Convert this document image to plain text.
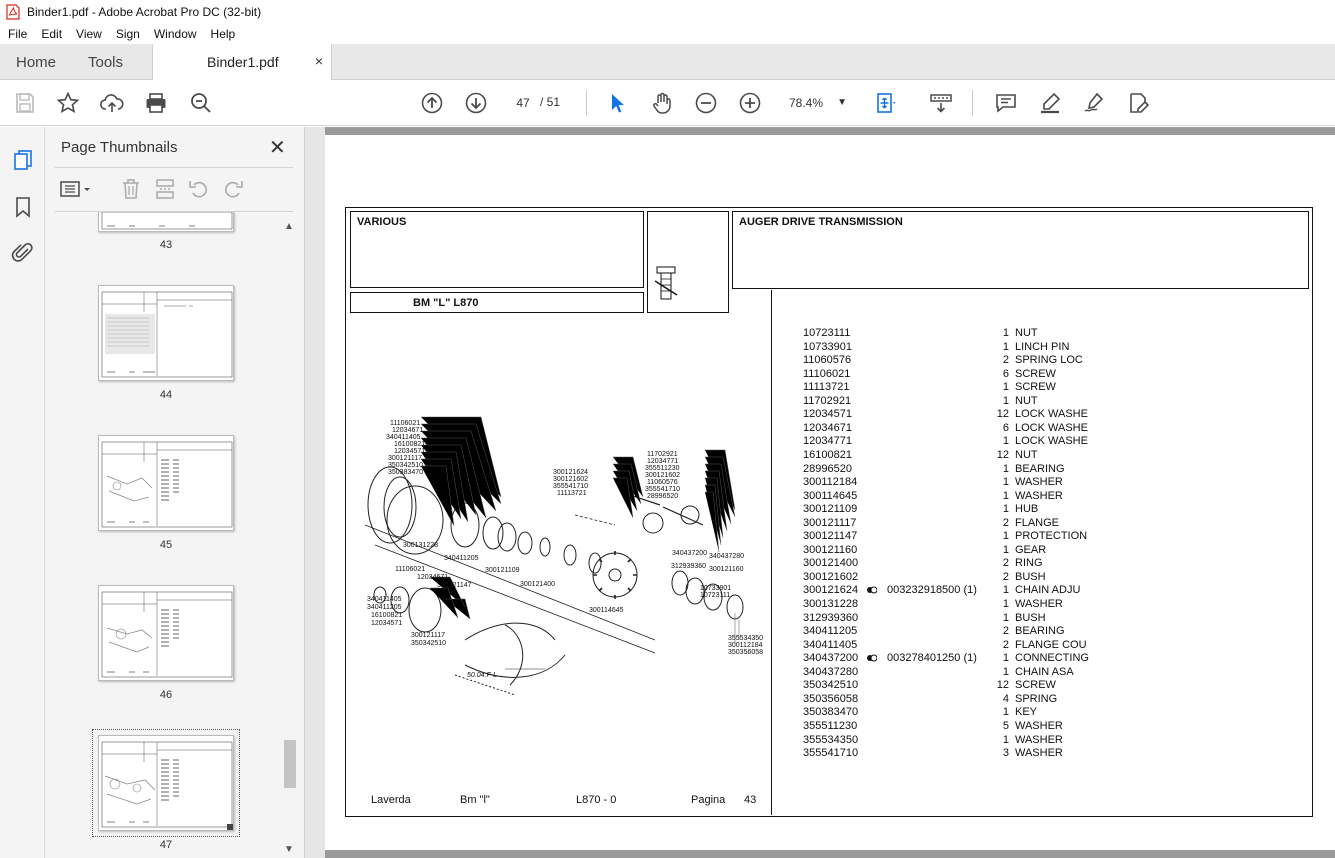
Binder1.pdf - Adobe Acrobat Pro DC (32-bit)
File Edit View Sign Window Help
Home Tools	Binder1.pdf	×
47 / 51	78.4% ▼
Page Thumbnails	✕
43
44
45
46
47
▲
▼
VARIOUS
BM "L" L870
AUGER DRIVE TRANSMISSION
11106021
12034671
340411405
16100821
12034571
300121117
350342510
350383470	300121624
300121602
355541710
11113721
11702921
12034771
355511230
300121602
11060576
355541710
28996520
11106021
12034671
300121147
340411405
340411205
16100821
12034571
300121117
350342510
300131228
340411205
300121109
300121400
300114645
340437200 340437280
312939360 300121160
10733901
10723111
355534350
300112184
350356058
50.04.F-L
10723111	1 NUT
10733901	1 LINCH PIN
11060576	2 SPRING LOC
11106021	6 SCREW
11113721	1 SCREW
11702921	1 NUT
12034571	12 LOCK WASHE
12034671	6 LOCK WASHE
12034771	1 LOCK WASHE
16100821	12 NUT
28996520	1 BEARING
300112184	1 WASHER
300114645	1 WASHER
300121109	1 HUB
300121117	2 FLANGE
300121147	1 PROTECTION
300121160	1 GEAR
300121400	2 RING
300121602	2 BUSH
300121624	003232918500 (1)	1 CHAIN ADJU
300131228	1 WASHER
312939360	1 BUSH
340411205	2 BEARING
340411405	2 FLANGE COU
340437200	003278401250 (1)	1 CONNECTING
340437280	1 CHAIN ASA
350342510	12 SCREW
350356058	4 SPRING
350383470	1 KEY
355511230	5 WASHER
355534350	1 WASHER
355541710	3 WASHER
Laverda	Bm "l"	L870 - 0	Pagina 43
